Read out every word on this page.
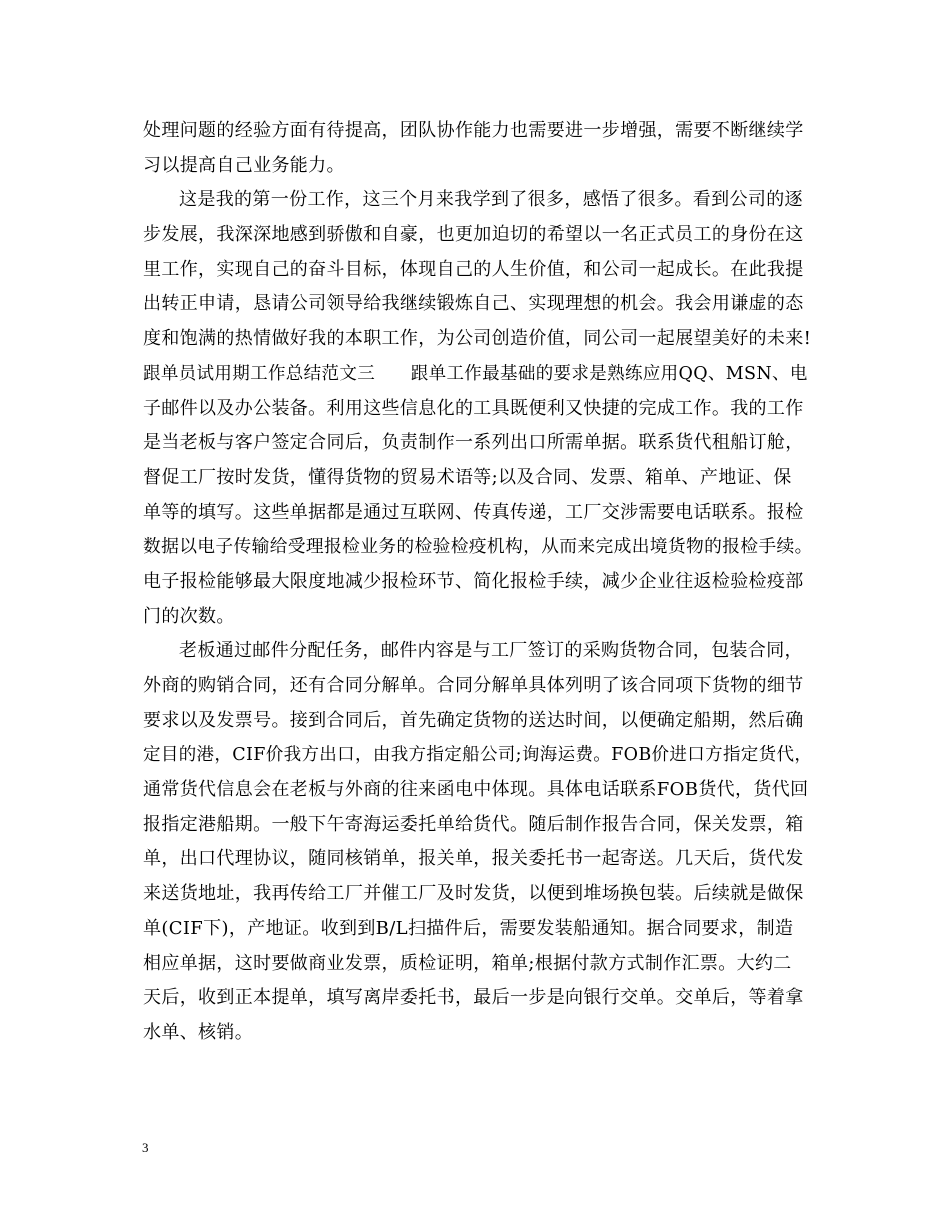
处理问题的经验方面有待提高，团队协作能力也需要进一步增强，需要不断继续学
习以提高自己业务能力。
这是我的第一份工作，这三个月来我学到了很多，感悟了很多。看到公司的逐
步发展，我深深地感到骄傲和自豪，也更加迫切的希望以一名正式员工的身份在这
里工作，实现自己的奋斗目标，体现自己的人生价值，和公司一起成长。在此我提
出转正申请，恳请公司领导给我继续锻炼自己、实现理想的机会。我会用谦虚的态
度和饱满的热情做好我的本职工作，为公司创造价值，同公司一起展望美好的未来!
跟单员试用期工作总结范文三　　跟单工作最基础的要求是熟练应用QQ、MSN、电
子邮件以及办公装备。利用这些信息化的工具既便利又快捷的完成工作。我的工作
是当老板与客户签定合同后，负责制作一系列出口所需单据。联系货代租船订舱，
督促工厂按时发货，懂得货物的贸易术语等;以及合同、发票、箱单、产地证、保
单等的填写。这些单据都是通过互联网、传真传递，工厂交涉需要电话联系。报检
数据以电子传输给受理报检业务的检验检疫机构，从而来完成出境货物的报检手续。
电子报检能够最大限度地减少报检环节、简化报检手续，减少企业往返检验检疫部
门的次数。
老板通过邮件分配任务，邮件内容是与工厂签订的采购货物合同，包装合同，
外商的购销合同，还有合同分解单。合同分解单具体列明了该合同项下货物的细节
要求以及发票号。接到合同后，首先确定货物的送达时间，以便确定船期，然后确
定目的港，CIF价我方出口，由我方指定船公司;询海运费。FOB价进口方指定货代，
通常货代信息会在老板与外商的往来函电中体现。具体电话联系FOB货代，货代回
报指定港船期。一般下午寄海运委托单给货代。随后制作报告合同，保关发票，箱
单，出口代理协议，随同核销单，报关单，报关委托书一起寄送。几天后，货代发
来送货地址，我再传给工厂并催工厂及时发货，以便到堆场换包装。后续就是做保
单(CIF下)，产地证。收到到B/L扫描件后，需要发装船通知。据合同要求，制造
相应单据，这时要做商业发票，质检证明，箱单;根据付款方式制作汇票。大约二
天后，收到正本提单，填写离岸委托书，最后一步是向银行交单。交单后，等着拿
水单、核销。
3
